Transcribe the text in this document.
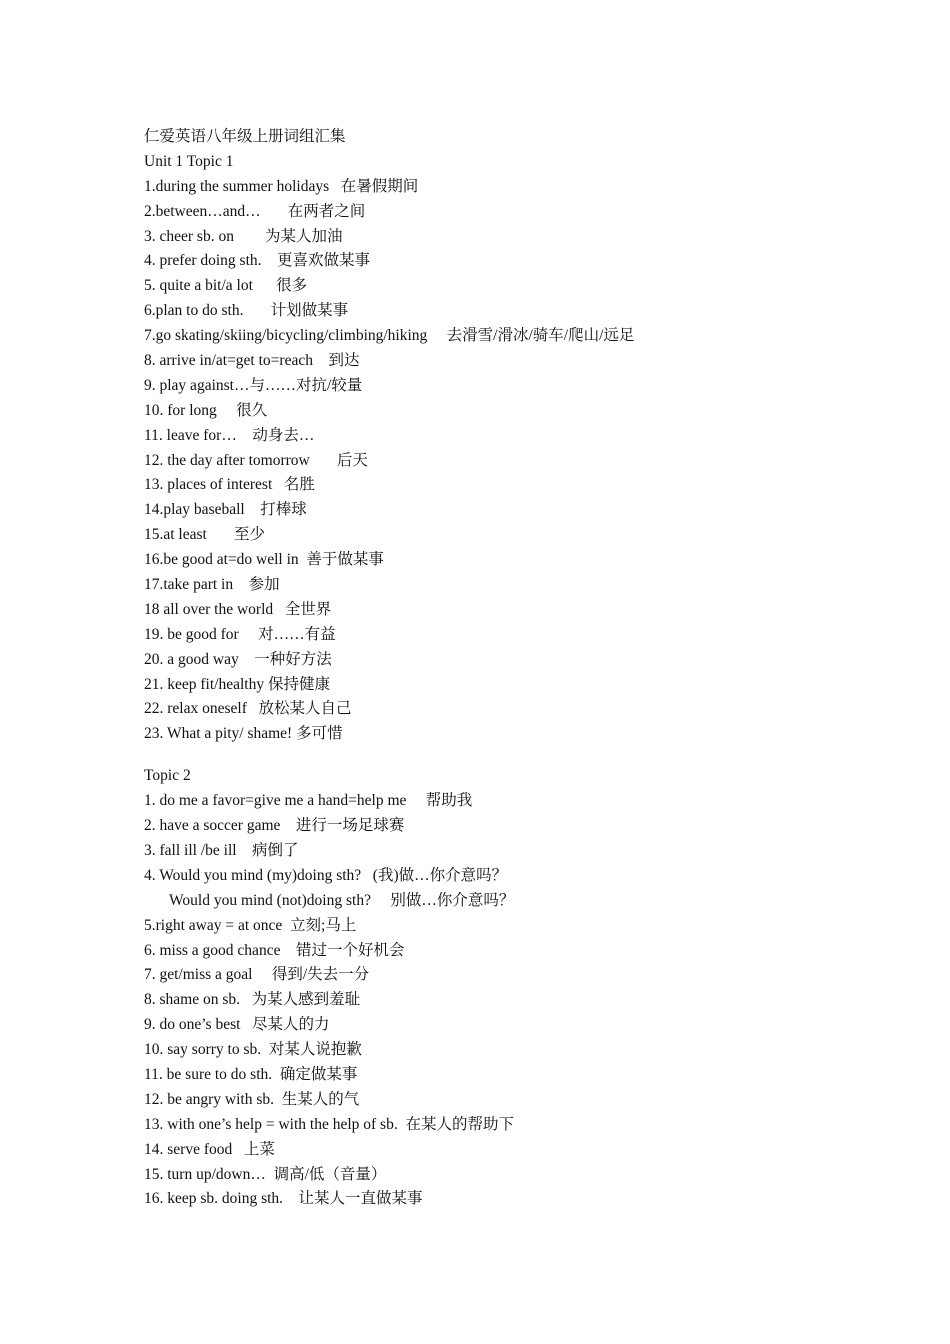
仁爱英语八年级上册词组汇集
Unit 1 Topic 1
1.during the summer holidays   在暑假期间
2.between…and…       在两者之间
3. cheer sb. on        为某人加油
4. prefer doing sth.    更喜欢做某事
5. quite a bit/a lot      很多
6.plan to do sth.       计划做某事
7.go skating/skiing/bicycling/climbing/hiking     去滑雪/滑冰/骑车/爬山/远足
8. arrive in/at=get to=reach    到达
9. play against…与……对抗/较量
10. for long     很久
11. leave for…    动身去…
12. the day after tomorrow       后天
13. places of interest   名胜
14.play baseball    打棒球
15.at least       至少
16.be good at=do well in  善于做某事
17.take part in    参加
18 all over the world   全世界
19. be good for     对……有益
20. a good way    一种好方法
21. keep fit/healthy 保持健康
22. relax oneself   放松某人自己
23. What a pity/ shame! 多可惜
Topic 2
1. do me a favor=give me a hand=help me     帮助我
2. have a soccer game    进行一场足球赛
3. fall ill /be ill    病倒了
4. Would you mind (my)doing sth?   (我)做…你介意吗？
Would you mind (not)doing sth?     别做…你介意吗？
5.right away = at once  立刻;马上
6. miss a good chance    错过一个好机会
7. get/miss a goal     得到/失去一分
8. shame on sb.   为某人感到羞耻
9. do one’s best   尽某人的力
10. say sorry to sb.  对某人说抱歉
11. be sure to do sth.  确定做某事
12. be angry with sb.  生某人的气
13. with one’s help = with the help of sb.  在某人的帮助下
14. serve food   上菜
15. turn up/down…  调高/低（音量）
16. keep sb. doing sth.    让某人一直做某事
